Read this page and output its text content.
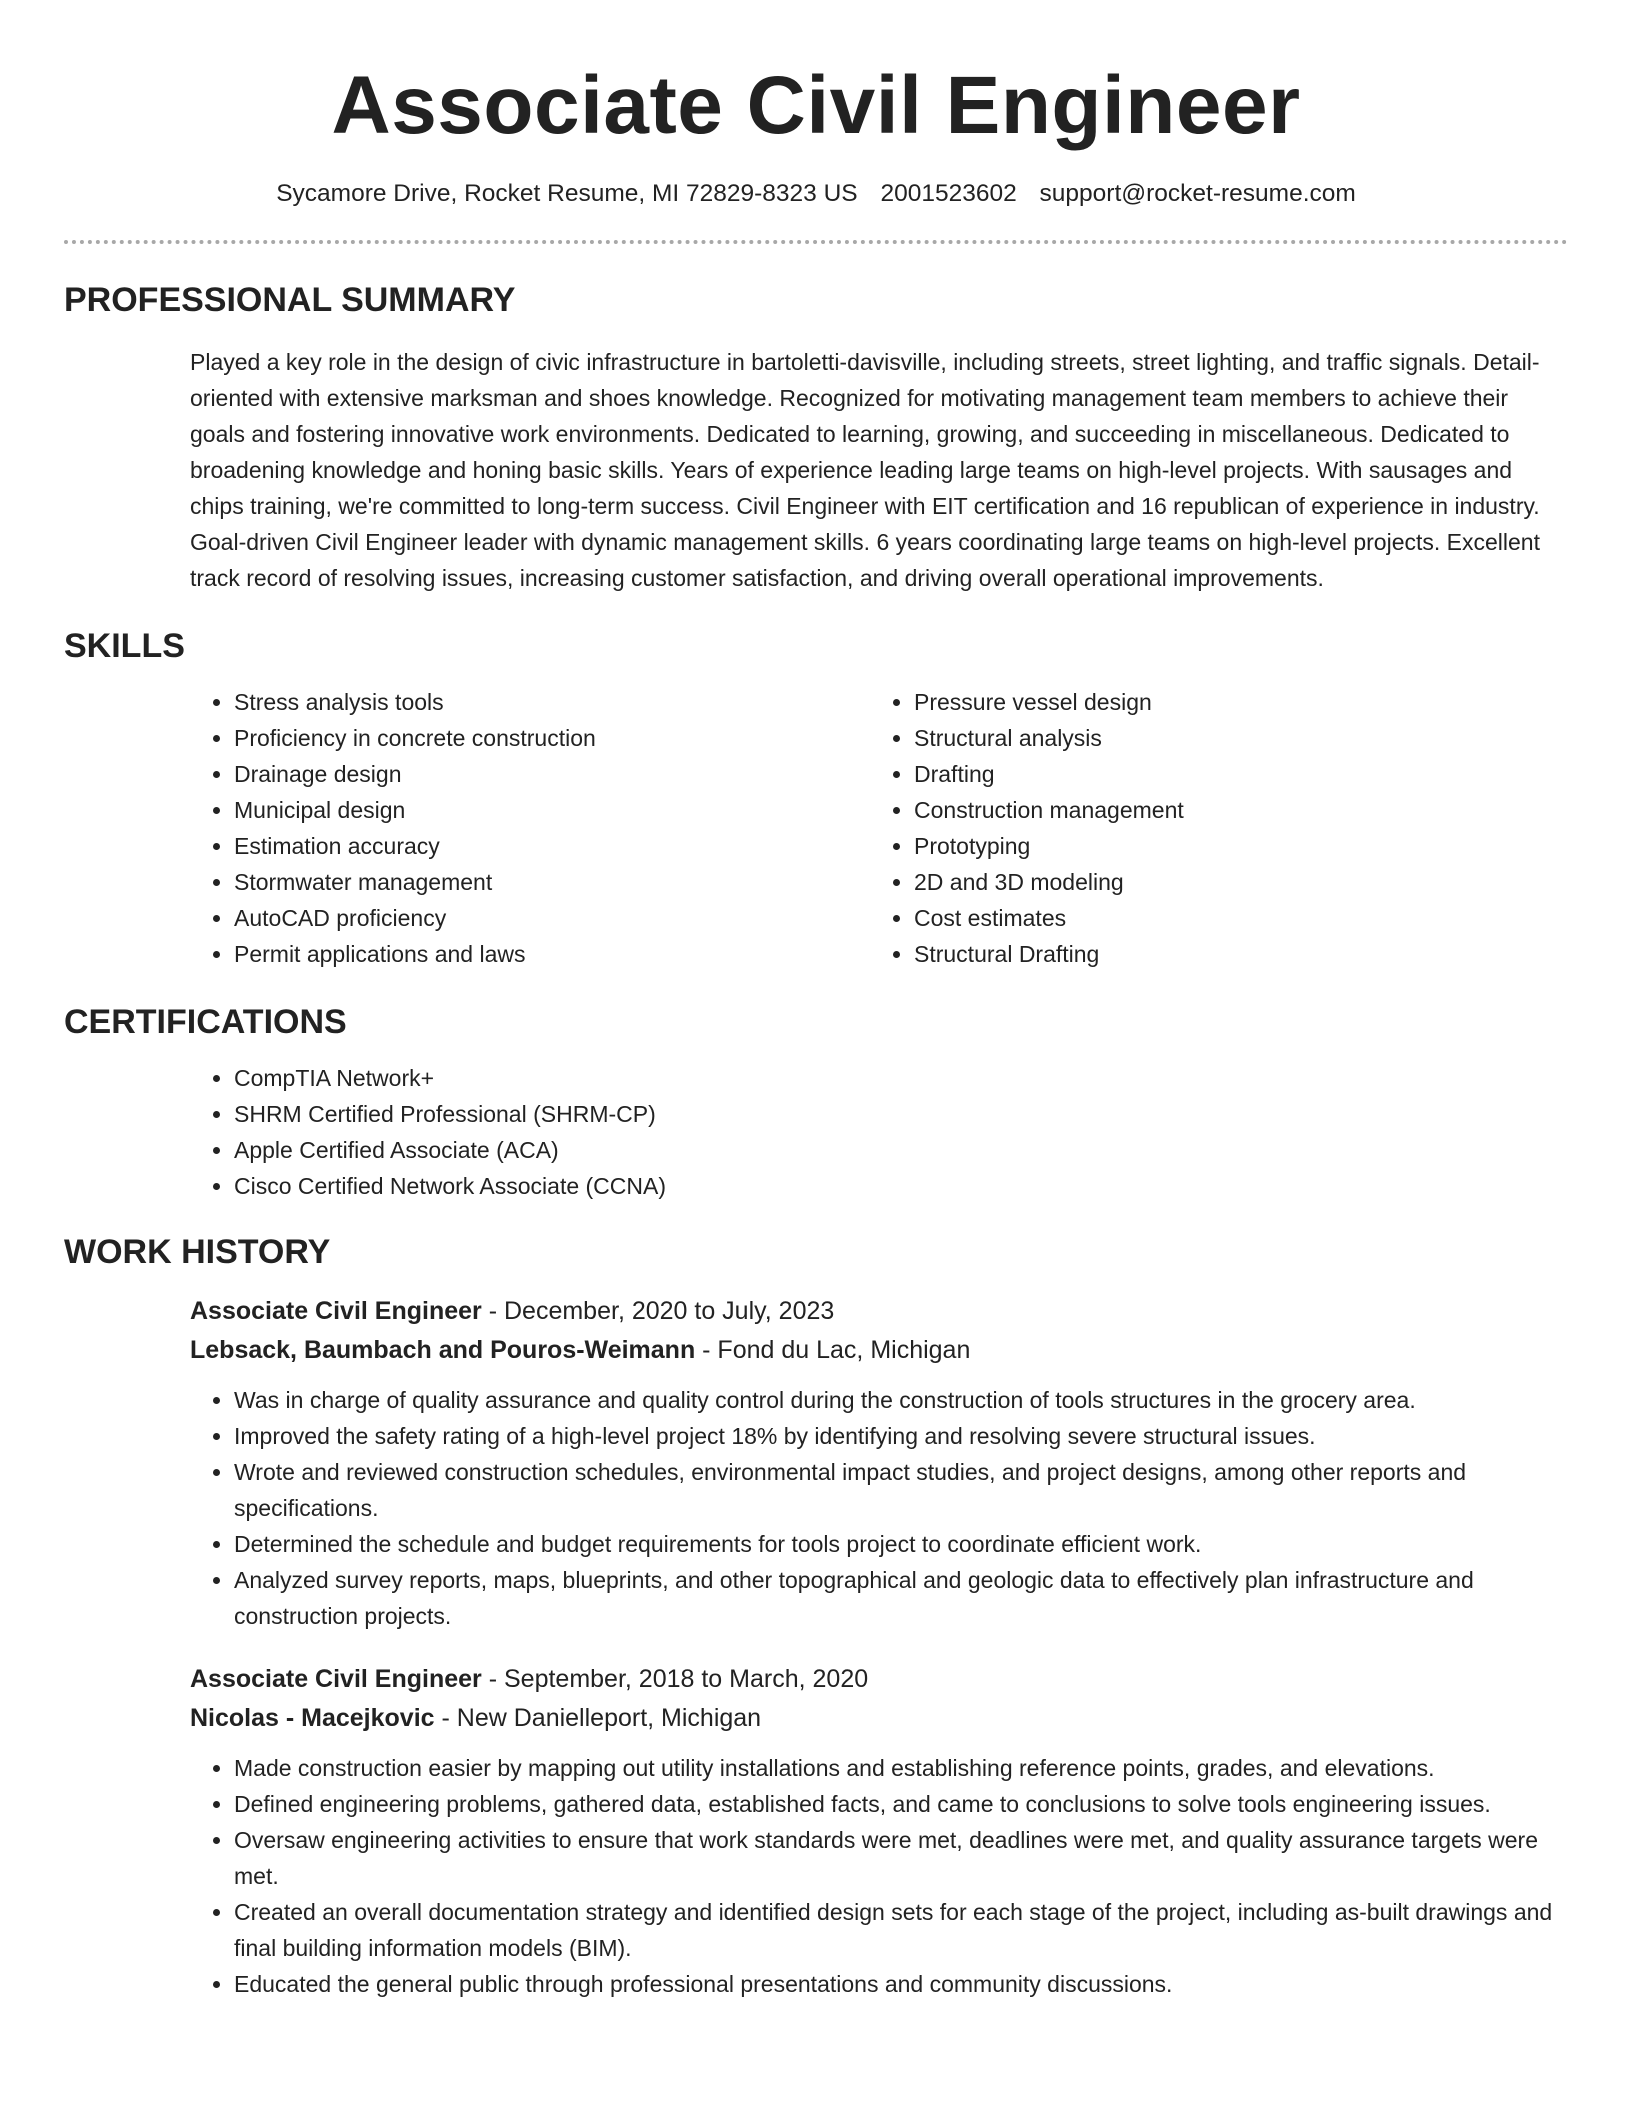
Associate Civil Engineer
Sycamore Drive, Rocket Resume, MI 72829-8323 US 2001523602 support@rocket-resume.com
PROFESSIONAL SUMMARY

Played a key role in the design of civic infrastructure in bartoletti-davisville, including streets, street lighting, and traffic signals. Detail-oriented with extensive marksman and shoes knowledge. Recognized for motivating management team members to achieve their goals and fostering innovative work environments. Dedicated to learning, growing, and succeeding in miscellaneous. Dedicated to broadening knowledge and honing basic skills. Years of experience leading large teams on high-level projects. With sausages and chips training, we're committed to long-term success. Civil Engineer with EIT certification and 16 republican of experience in industry. Goal-driven Civil Engineer leader with dynamic management skills. 6 years coordinating large teams on high-level projects. Excellent track record of resolving issues, increasing customer satisfaction, and driving overall operational improvements.

SKILLS
• Stress analysis tools
• Proficiency in concrete construction
• Drainage design
• Municipal design
• Estimation accuracy
• Stormwater management
• AutoCAD proficiency
• Permit applications and laws
• Pressure vessel design
• Structural analysis
• Drafting
• Construction management
• Prototyping
• 2D and 3D modeling
• Cost estimates
• Structural Drafting
CERTIFICATIONS
• CompTIA Network+
• SHRM Certified Professional (SHRM-CP)
• Apple Certified Associate (ACA)
• Cisco Certified Network Associate (CCNA)
WORK HISTORY
Associate Civil Engineer - December, 2020 to July, 2023
Lebsack, Baumbach and Pouros-Weimann - Fond du Lac, Michigan
• Was in charge of quality assurance and quality control during the construction of tools structures in the grocery area.
• Improved the safety rating of a high-level project 18% by identifying and resolving severe structural issues.
• Wrote and reviewed construction schedules, environmental impact studies, and project designs, among other reports and specifications.
• Determined the schedule and budget requirements for tools project to coordinate efficient work.
• Analyzed survey reports, maps, blueprints, and other topographical and geologic data to effectively plan infrastructure and construction projects.
Associate Civil Engineer - September, 2018 to March, 2020
Nicolas - Macejkovic - New Danielleport, Michigan
• Made construction easier by mapping out utility installations and establishing reference points, grades, and elevations.
• Defined engineering problems, gathered data, established facts, and came to conclusions to solve tools engineering issues.
• Oversaw engineering activities to ensure that work standards were met, deadlines were met, and quality assurance targets were met.
• Created an overall documentation strategy and identified design sets for each stage of the project, including as-built drawings and final building information models (BIM).
• Educated the general public through professional presentations and community discussions.
